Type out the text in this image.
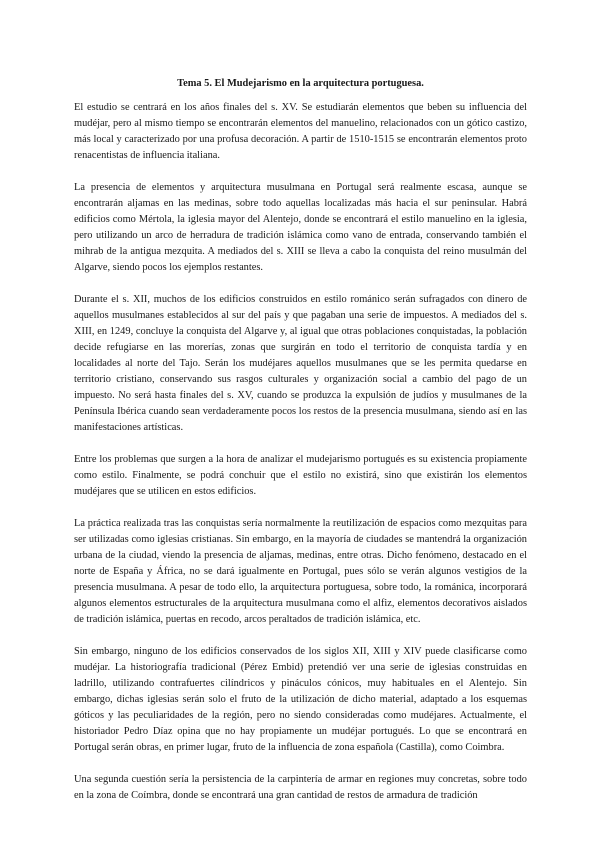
Tema 5. El Mudejarismo en la arquitectura portuguesa.

El estudio se centrará en los años finales del s. XV. Se estudiarán elementos que beben su influencia del mudéjar, pero al mismo tiempo se encontrarán elementos del manuelino, relacionados con un gótico castizo, más local y caracterizado por una profusa decoración. A partir de 1510-1515 se encontrarán elementos proto renacentistas de influencia italiana.

La presencia de elementos y arquitectura musulmana en Portugal será realmente escasa, aunque se encontrarán aljamas en las medinas, sobre todo aquellas localizadas más hacia el sur peninsular. Habrá edificios como Mértola, la iglesia mayor del Alentejo, donde se encontrará el estilo manuelino en la iglesia, pero utilizando un arco de herradura de tradición islámica como vano de entrada, conservando también el mihrab de la antigua mezquita. A mediados del s. XIII se lleva a cabo la conquista del reino musulmán del Algarve, siendo pocos los ejemplos restantes.

Durante el s. XII, muchos de los edificios construidos en estilo románico serán sufragados con dinero de aquellos musulmanes establecidos al sur del país y que pagaban una serie de impuestos. A mediados del s. XIII, en 1249, concluye la conquista del Algarve y, al igual que otras poblaciones conquistadas, la población decide refugiarse en las morerías, zonas que surgirán en todo el territorio de conquista tardía y en localidades al norte del Tajo. Serán los mudéjares aquellos musulmanes que se les permita quedarse en territorio cristiano, conservando sus rasgos culturales y organización social a cambio del pago de un impuesto. No será hasta finales del s. XV, cuando se produzca la expulsión de judíos y musulmanes de la Península Ibérica cuando sean verdaderamente pocos los restos de la presencia musulmana, siendo así en las manifestaciones artísticas.

Entre los problemas que surgen a la hora de analizar el mudejarismo portugués es su existencia propiamente como estilo. Finalmente, se podrá conchuir que el estilo no existirá, sino que existirán los elementos mudéjares que se utilicen en estos edificios.

La práctica realizada tras las conquistas sería normalmente la reutilización de espacios como mezquitas para ser utilizadas como iglesias cristianas. Sin embargo, en la mayoría de ciudades se mantendrá la organización urbana de la ciudad, viendo la presencia de aljamas, medinas, entre otras. Dicho fenómeno, destacado en el norte de España y África, no se dará igualmente en Portugal, pues sólo se verán algunos vestigios de la presencia musulmana. A pesar de todo ello, la arquitectura portuguesa, sobre todo, la románica, incorporará algunos elementos estructurales de la arquitectura musulmana como el alfiz, elementos decorativos aislados de tradición islámica, puertas en recodo, arcos peraltados de tradición islámica, etc.

Sin embargo, ninguno de los edificios conservados de los siglos XII, XIII y XIV puede clasificarse como mudéjar. La historiografía tradicional (Pérez Embid) pretendió ver una serie de iglesias construidas en ladrillo, utilizando contrafuertes cilíndricos y pináculos cónicos, muy habituales en el Alentejo. Sin embargo, dichas iglesias serán solo el fruto de la utilización de dicho material, adaptado a los esquemas góticos y las peculiaridades de la región, pero no siendo consideradas como mudéjares. Actualmente, el historiador Pedro Díaz opina que no hay propiamente un mudéjar portugués. Lo que se encontrará en Portugal serán obras, en primer lugar, fruto de la influencia de zona española (Castilla), como Coimbra.

Una segunda cuestión sería la persistencia de la carpintería de armar en regiones muy concretas, sobre todo en la zona de Coímbra, donde se encontrará una gran cantidad de restos de armadura de tradición
